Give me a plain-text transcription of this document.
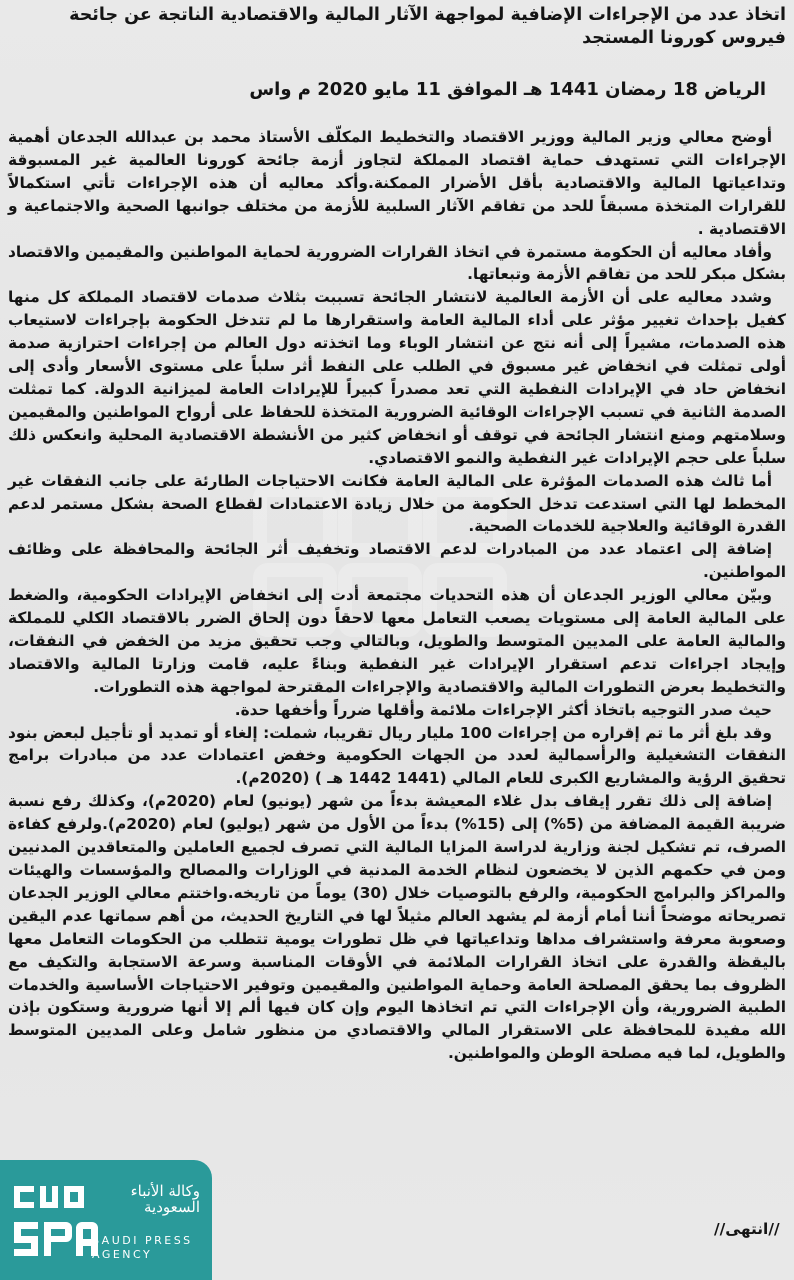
اتخاذ عدد من الإجراءات الإضافية لمواجهة الآثار المالية والاقتصادية الناتجة عن جائحة فيروس كورونا المستجد
الرياض 18 رمضان 1441 هـ الموافق 11 مايو 2020 م واس

أوضح معالي وزير المالية ووزير الاقتصاد والتخطيط المكلّف الأستاذ محمد بن عبدالله الجدعان أهمية الإجراءات التي تستهدف حماية اقتصاد المملكة لتجاوز أزمة جائحة كورونا العالمية غير المسبوقة وتداعياتها المالية والاقتصادية بأقل الأضرار الممكنة.وأكد معاليه أن هذه الإجراءات تأتي استكمالاً للقرارات المتخذة مسبقاً للحد من تفاقم الآثار السلبية للأزمة من مختلف جوانبها الصحية والاجتماعية و الاقتصادية .

وأفاد معاليه أن الحكومة مستمرة في اتخاذ القرارات الضرورية لحماية المواطنين والمقيمين والاقتصاد بشكل مبكر للحد من تفاقم الأزمة وتبعاتها.

وشدد معاليه على أن الأزمة العالمية لانتشار الجائحة تسببت بثلاث صدمات لاقتصاد المملكة كل منها كفيل بإحداث تغيير مؤثر على أداء المالية العامة واستقرارها ما لم تتدخل الحكومة بإجراءات لاستيعاب هذه الصدمات، مشيراً إلى أنه نتج عن انتشار الوباء وما اتخذته دول العالم من إجراءات احترازية صدمة أولى تمثلت في انخفاض غير مسبوق في الطلب على النفط أثر سلباً على مستوى الأسعار وأدى إلى انخفاض حاد في الإيرادات النفطية التي تعد مصدراً كبيراً للإيرادات العامة لميزانية الدولة. كما تمثلت الصدمة الثانية في تسبب الإجراءات الوقائية الضرورية المتخذة للحفاظ على أرواح المواطنين والمقيمين وسلامتهم ومنع انتشار الجائحة في توقف أو انخفاض كثير من الأنشطة الاقتصادية المحلية وانعكس ذلك سلباً على حجم الإيرادات غير النفطية والنمو الاقتصادي.

أما ثالث هذه الصدمات المؤثرة على المالية العامة فكانت الاحتياجات الطارئة على جانب النفقات غير المخطط لها التي استدعت تدخل الحكومة من خلال زيادة الاعتمادات لقطاع الصحة بشكل مستمر لدعم القدرة الوقائية والعلاجية للخدمات الصحية.

إضافة إلى اعتماد عدد من المبادرات لدعم الاقتصاد وتخفيف أثر الجائحة والمحافظة على وظائف المواطنين.

وبيّن معالي الوزير الجدعان أن هذه التحديات مجتمعة أدت إلى انخفاض الإيرادات الحكومية، والضغط على المالية العامة إلى مستويات يصعب التعامل معها لاحقاً دون إلحاق الضرر بالاقتصاد الكلي للمملكة والمالية العامة على المديين المتوسط والطويل، وبالتالي وجب تحقيق مزيد من الخفض في النفقات، وإيجاد اجراءات تدعم استقرار الإيرادات غير النفطية وبناءً عليه، قامت وزارتا المالية والاقتصاد والتخطيط بعرض التطورات المالية والاقتصادية والإجراءات المقترحة لمواجهة هذه التطورات.

حيث صدر التوجيه باتخاذ أكثر الإجراءات ملائمة وأقلها ضرراً وأخفها حدة.

وقد بلغ أثر ما تم إقراره من إجراءات 100 مليار ريال تقريبا، شملت: إلغاء أو تمديد أو تأجيل لبعض بنود النفقات التشغيلية والرأسمالية لعدد من الجهات الحكومية وخفض اعتمادات عدد من مبادرات برامج تحقيق الرؤية والمشاريع الكبرى للعام المالي (1441 1442 هـ ) (2020م).

إضافة إلى ذلك تقرر إيقاف بدل غلاء المعيشة بدءاً من شهر (يونيو) لعام (2020م)، وكذلك رفع نسبة ضريبة القيمة المضافة من (5%) إلى (15%) بدءاً من الأول من شهر (يوليو) لعام (2020م).ولرفع كفاءة الصرف، تم تشكيل لجنة وزارية لدراسة المزايا المالية التي تصرف لجميع العاملين والمتعاقدين المدنيين ومن في حكمهم الذين لا يخضعون لنظام الخدمة المدنية في الوزارات والمصالح والمؤسسات والهيئات والمراكز والبرامج الحكومية، والرفع بالتوصيات خلال (30) يوماً من تاريخه.واختتم معالي الوزير الجدعان تصريحاته موضحاً أننا أمام أزمة لم يشهد العالم مثيلاً لها في التاريخ الحديث، من أهم سماتها عدم اليقين وصعوبة معرفة واستشراف مداها وتداعياتها في ظل تطورات يومية تتطلب من الحكومات التعامل معها باليقظة والقدرة على اتخاذ القرارات الملائمة في الأوقات المناسبة وسرعة الاستجابة والتكيف مع الظروف بما يحقق المصلحة العامة وحماية المواطنين والمقيمين وتوفير الاحتياجات الأساسية والخدمات الطبية الضرورية، وأن الإجراءات التي تم اتخاذها اليوم وإن كان فيها ألم إلا أنها ضرورية وستكون بإذن الله مفيدة للمحافظة على الاستقرار المالي والاقتصادي من منظور شامل وعلى المديين المتوسط والطويل، لما فيه مصلحة الوطن والمواطنين.

//انتهى//
وكالة الأنباء السعودية
SAUDI PRESS AGENCY
